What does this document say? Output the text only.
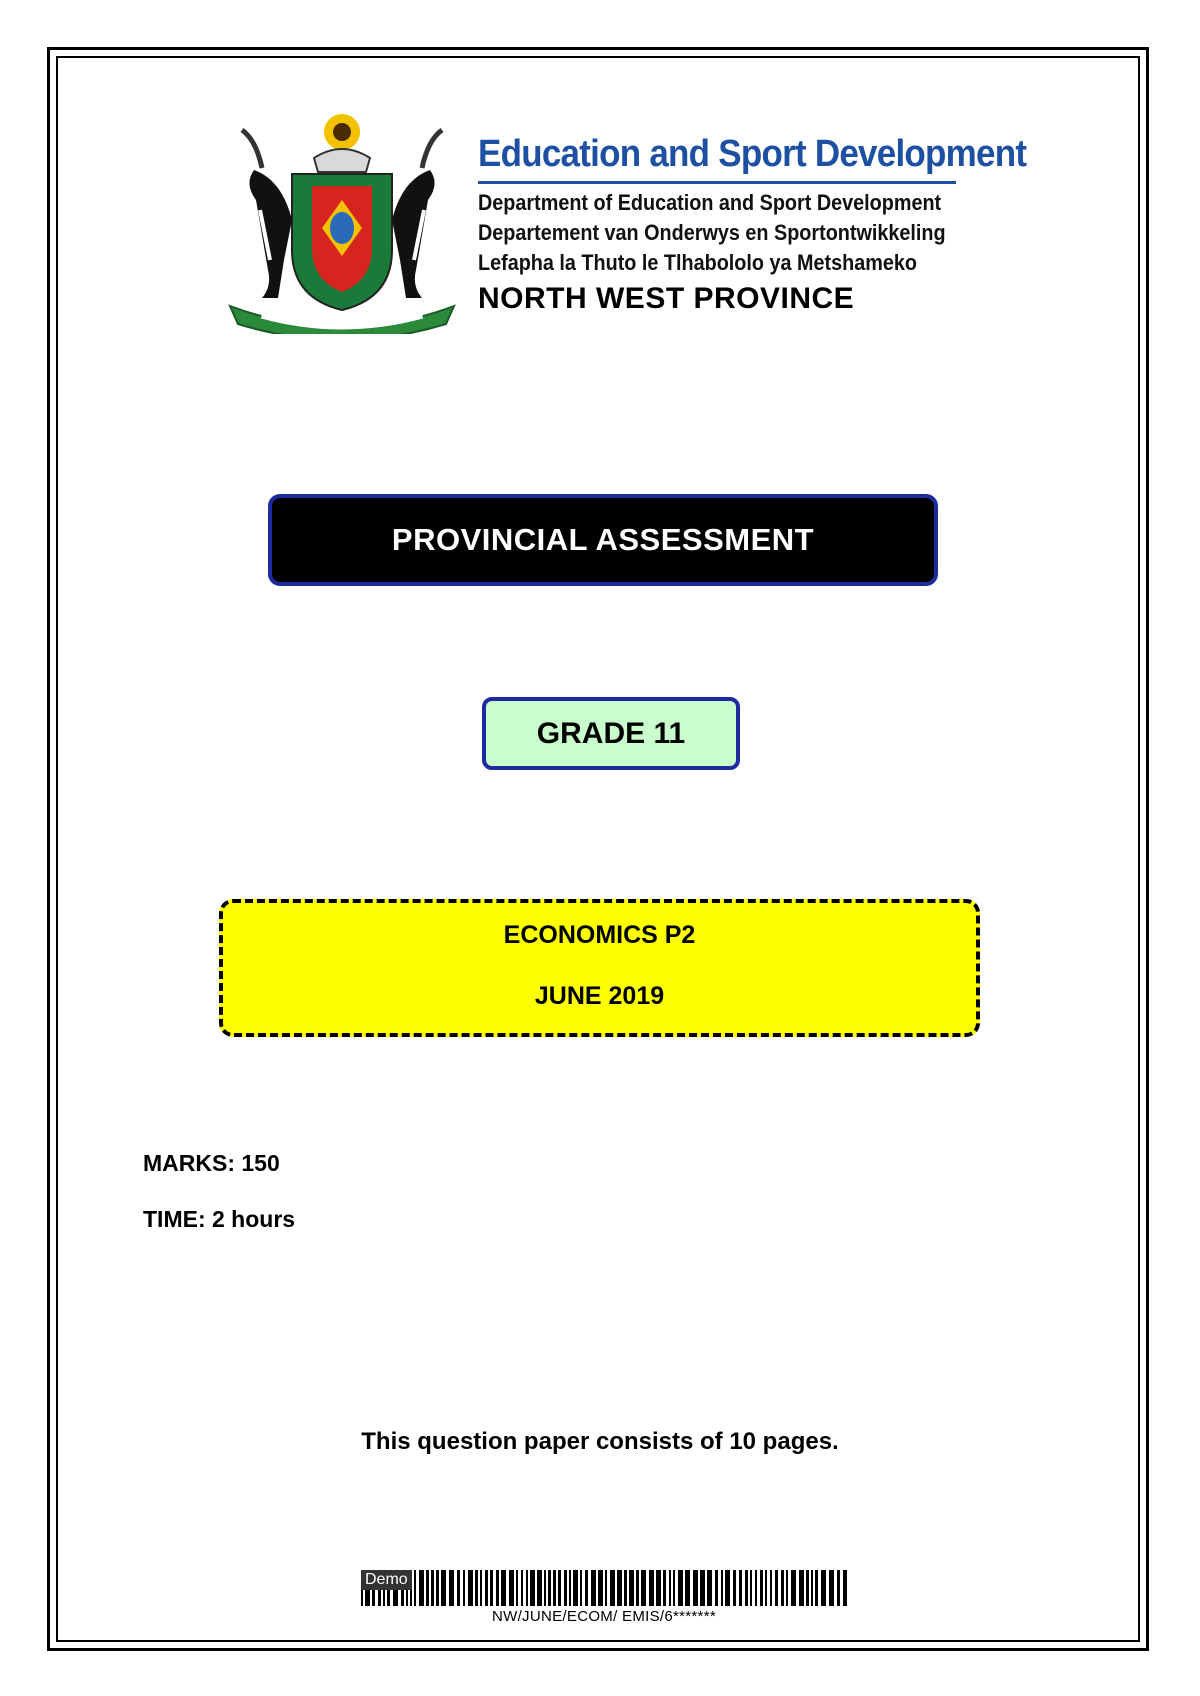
Education and Sport Development
Department of Education and Sport Development
Departement van Onderwys en Sportontwikkeling
Lefapha la Thuto le Tlhabololo ya Metshameko
NORTH WEST PROVINCE
PROVINCIAL ASSESSMENT
GRADE 11
ECONOMICS P2
JUNE 2019
MARKS: 150
TIME: 2 hours
This question paper consists of 10 pages.
Demo
NW/JUNE/ECOM/ EMIS/6*******
